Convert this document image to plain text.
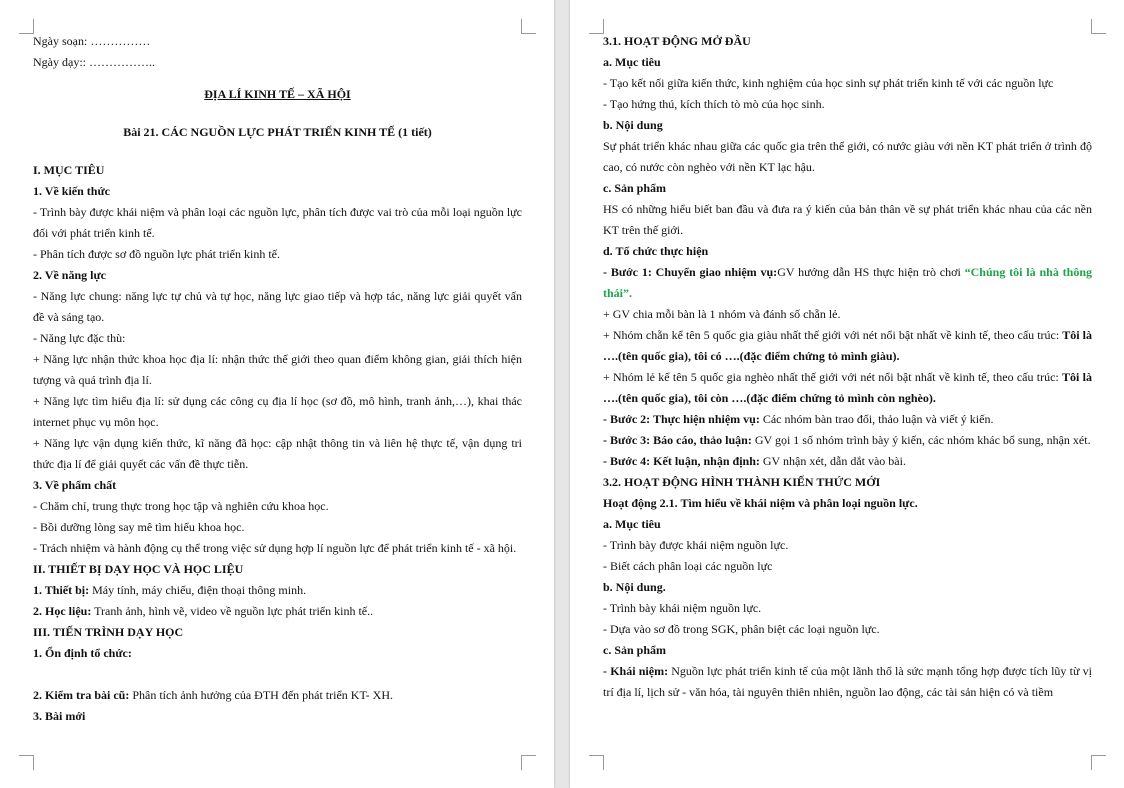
Ngày soạn: ……………

Ngày dạy:: ……………..

ĐỊA LÍ KINH TẾ – XÃ HỘI

Bài 21. CÁC NGUỒN LỰC PHÁT TRIỂN KINH TẾ (1 tiết)

I. MỤC TIÊU

1. Về kiến thức

- Trình bày được khái niệm và phân loại các nguồn lực, phân tích được vai trò của mỗi loại nguồn lực đối với phát triển kinh tế.

- Phân tích được sơ đồ nguồn lực phát triển kinh tế.

2. Về năng lực

- Năng lực chung: năng lực tự chủ và tự học, năng lực giao tiếp và hợp tác, năng lực giải quyết vấn đề và sáng tạo.

- Năng lực đặc thù:

+ Năng lực nhận thức khoa học địa lí: nhận thức thế giới theo quan điểm không gian, giải thích hiện tượng và quá trình địa lí.

+ Năng lực tìm hiểu địa lí: sử dụng các công cụ địa lí học (sơ đồ, mô hình, tranh ảnh,…), khai thác internet phục vụ môn học.

+ Năng lực vận dụng kiến thức, kĩ năng đã học: cập nhật thông tin và liên hệ thực tế, vận dụng tri thức địa lí để giải quyết các vấn đề thực tiễn.

3. Về phẩm chất

- Chăm chỉ, trung thực trong học tập và nghiên cứu khoa học.

- Bồi dưỡng lòng say mê tìm hiểu khoa học.

- Trách nhiệm và hành động cụ thể trong việc sử dụng hợp lí nguồn lực để phát triển kinh tế - xã hội.

II. THIẾT BỊ DẠY HỌC VÀ HỌC LIỆU

1. Thiết bị: Máy tính, máy chiếu, điện thoại thông minh.

2. Học liệu: Tranh ảnh, hình vẽ, video về nguồn lực phát triển kinh tế..

III. TIẾN TRÌNH DẠY HỌC

1. Ổn định tổ chức:

2. Kiểm tra bài cũ: Phân tích ảnh hưởng của ĐTH đến phát triển KT- XH.

3. Bài mới

3.1. HOẠT ĐỘNG MỞ ĐẦU

a. Mục tiêu

- Tạo kết nối giữa kiến thức, kinh nghiệm của học sinh sự phát triển kinh tế với các nguồn lực

- Tạo hứng thú, kích thích tò mò của học sinh.

b. Nội dung

Sự phát triển khác nhau giữa các quốc gia trên thế giới, có nước giàu với nền KT phát triển ở trình độ cao, có nước còn nghèo với nền KT lạc hậu.

c. Sản phẩm

HS có những hiểu biết ban đầu và đưa ra ý kiến của bản thân về sự phát triển khác nhau của các nền KT trên thế giới.

d. Tổ chức thực hiện

- Bước 1: Chuyển giao nhiệm vụ:GV hướng dẫn HS thực hiện trò chơi “Chúng tôi là nhà thông thái”.

+ GV chia mỗi bàn là 1 nhóm và đánh số chẵn lẻ.

+ Nhóm chẵn kể tên 5 quốc gia giàu nhất thế giới với nét nổi bật nhất về kinh tế, theo cấu trúc: Tôi là ….(tên quốc gia), tôi có ….(đặc điểm chứng tỏ mình giàu).

+ Nhóm lẻ kể tên 5 quốc gia nghèo nhất thế giới với nét nổi bật nhất về kinh tế, theo cấu trúc: Tôi là ….(tên quốc gia), tôi còn ….(đặc điểm chứng tỏ mình còn nghèo).

- Bước 2: Thực hiện nhiệm vụ: Các nhóm bàn trao đổi, thảo luận và viết ý kiến.

- Bước 3: Báo cáo, thảo luận: GV gọi 1 số nhóm trình bày ý kiến, các nhóm khác bổ sung, nhận xét.

- Bước 4: Kết luận, nhận định: GV nhận xét, dẫn dắt vào bài.

3.2. HOẠT ĐỘNG HÌNH THÀNH KIẾN THỨC MỚI

Hoạt động 2.1. Tìm hiểu về khái niệm và phân loại nguồn lực.

a. Mục tiêu

- Trình bày được khái niệm nguồn lực.

- Biết cách phân loại các nguồn lực

b. Nội dung.

- Trình bày khái niệm nguồn lực.

- Dựa vào sơ đồ trong SGK, phân biệt các loại nguồn lực.

c. Sản phẩm

- Khái niệm: Nguồn lực phát triển kinh tế của một lãnh thổ là sức mạnh tổng hợp được tích lũy từ vị trí địa lí, lịch sử - văn hóa, tài nguyên thiên nhiên, nguồn lao động, các tài sản hiện có và tiềm
